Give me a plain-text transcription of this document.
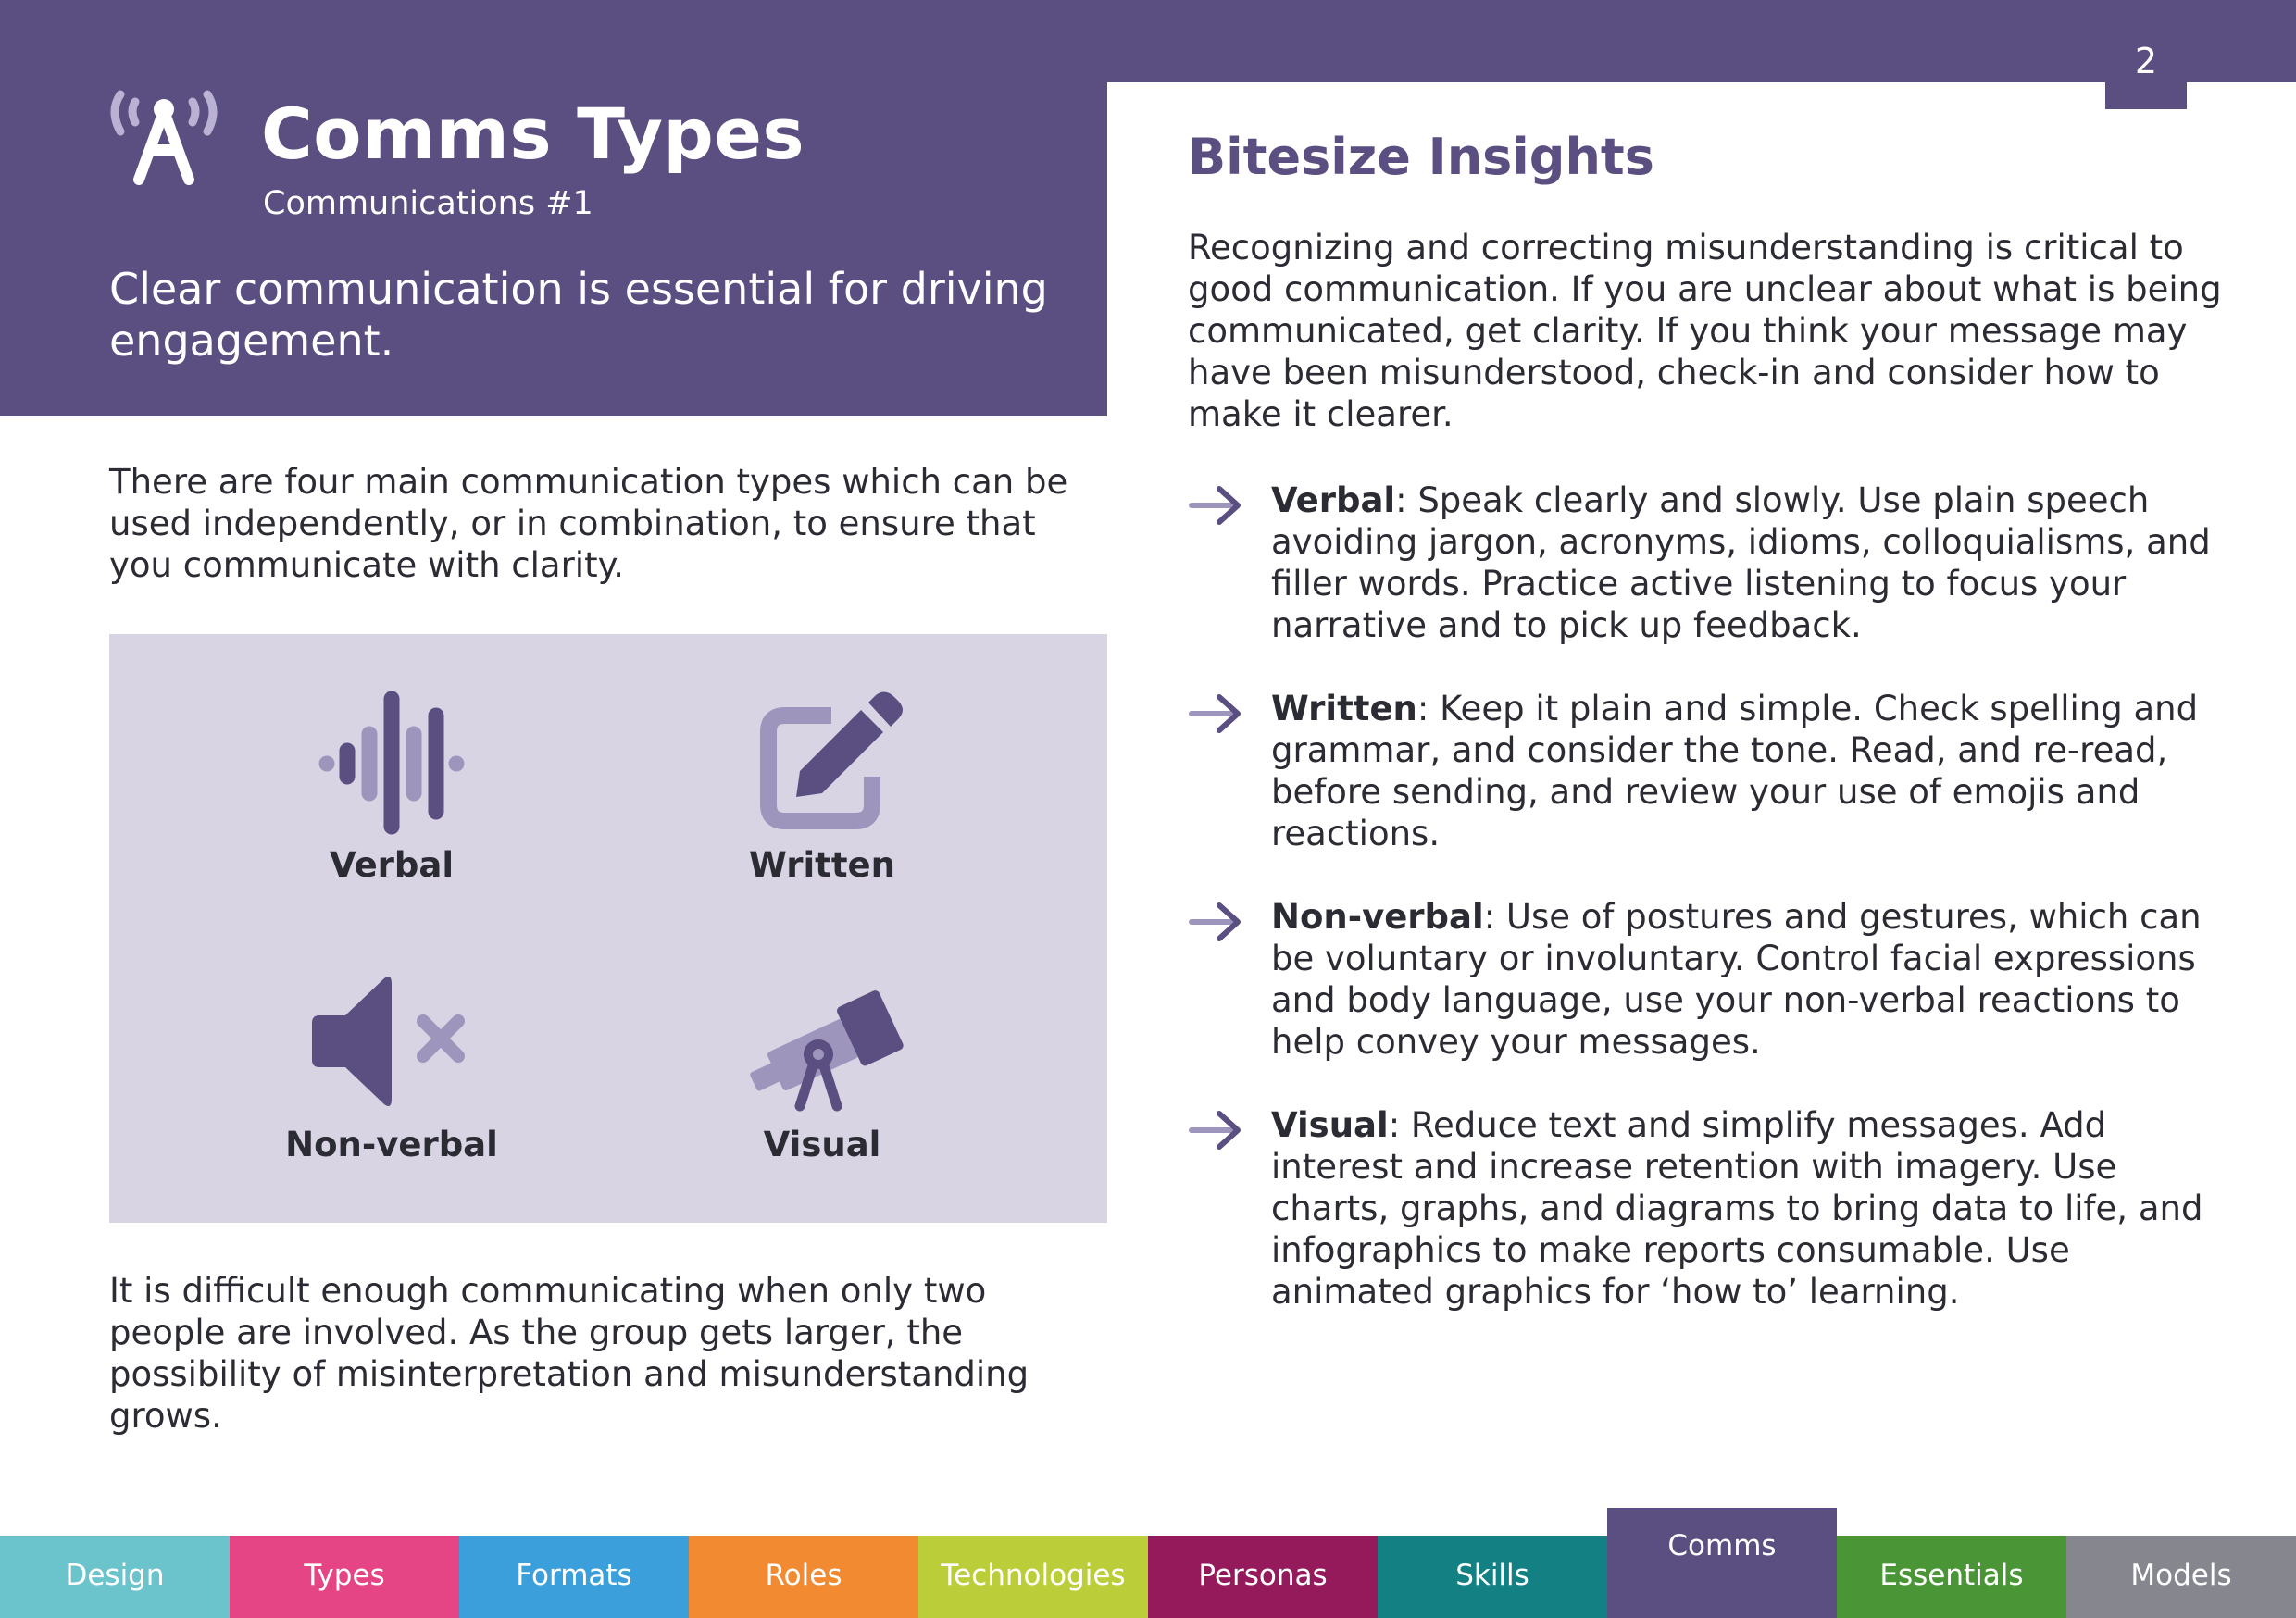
2
Comms Types
Communications #1
Clear communication is essential for driving engagement.
There are four main communication types which can be used independently, or in combination, to ensure that you communicate with clarity.
Verbal	Written
Non-verbal	Visual
It is difficult enough communicating when only two people are involved. As the group gets larger, the possibility of misinterpretation and misunderstanding grows.
Bitesize Insights
Recognizing and correcting misunderstanding is critical to good communication. If you are unclear about what is being communicated, get clarity. If you think your message may have been misunderstood, check-in and consider how to make it clearer.
Verbal: Speak clearly and slowly. Use plain speech avoiding jargon, acronyms, idioms, colloquialisms, and filler words. Practice active listening to focus your narrative and to pick up feedback.
Written: Keep it plain and simple. Check spelling and grammar, and consider the tone. Read, and re-read, before sending, and review your use of emojis and reactions.
Non-verbal: Use of postures and gestures, which can be voluntary or involuntary. Control facial expressions and body language, use your non-verbal reactions to help convey your messages.
Visual: Reduce text and simplify messages. Add interest and increase retention with imagery. Use charts, graphs, and diagrams to bring data to life, and infographics to make reports consumable. Use animated graphics for ‘how to’ learning.
Design	Types	Formats	Roles	Technologies	Personas	Skills
Comms
Essentials	Models
